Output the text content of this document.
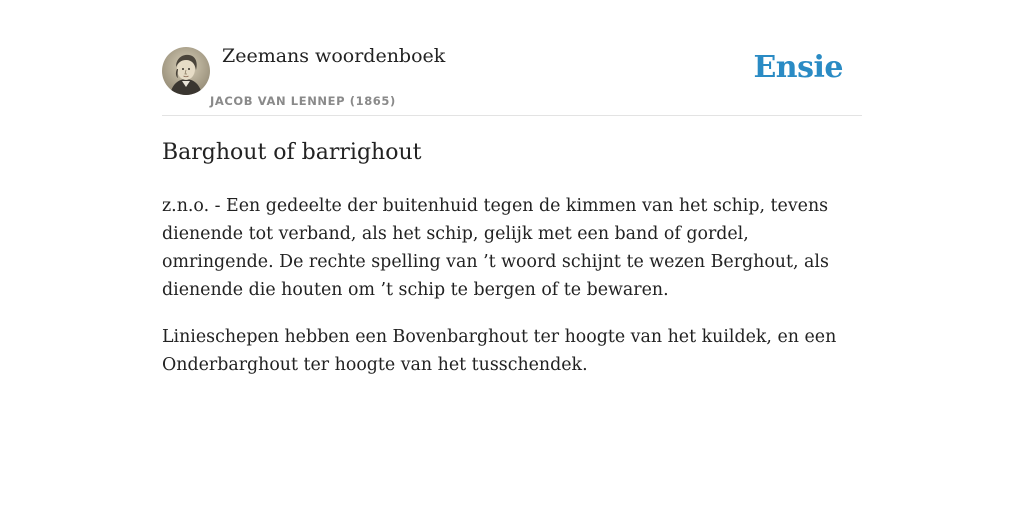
Zeemans woordenboek
JACOB VAN LENNEP (1865)
Ensie
Barghout of barrighout

z.n.o. - Een gedeelte der buitenhuid tegen de kimmen van het schip, tevens dienende tot verband, als het schip, gelijk met een band of gordel, omringende. De rechte spelling van ’t woord schijnt te wezen Berghout, als dienende die houten om ’t schip te bergen of te bewaren.

Linieschepen hebben een Bovenbarghout ter hoogte van het kuildek, en een Onderbarghout ter hoogte van het tusschendek.
